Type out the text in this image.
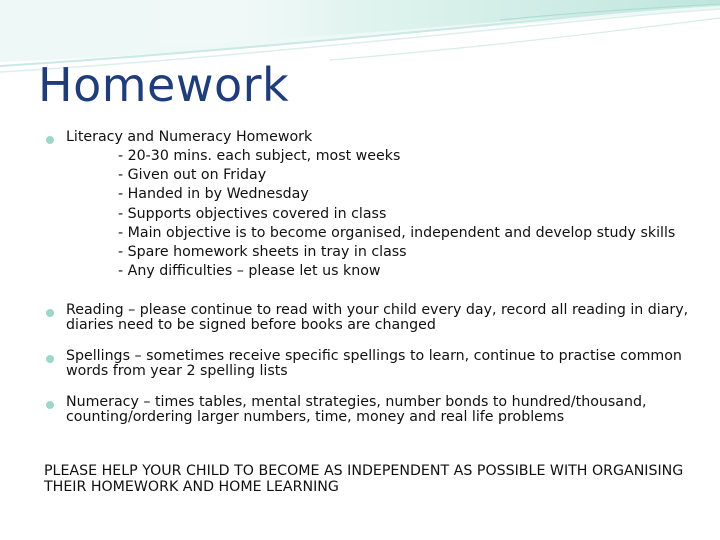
Homework
Literacy and Numeracy Homework
- 20-30 mins. each subject, most weeks
- Given out on Friday
- Handed in by Wednesday
- Supports objectives covered in class
- Main objective is to become organised, independent and develop study skills
- Spare homework sheets in tray in class
- Any difficulties – please let us know
Reading – please continue to read with your child every day, record all reading in diary, diaries need to be signed before books are changed
Spellings – sometimes receive specific spellings to learn, continue to practise common words from year 2 spelling lists
Numeracy – times tables, mental strategies, number bonds to hundred/thousand, counting/ordering larger numbers, time, money and real life problems
PLEASE HELP YOUR CHILD TO BECOME AS INDEPENDENT AS POSSIBLE WITH ORGANISING THEIR HOMEWORK AND HOME LEARNING
